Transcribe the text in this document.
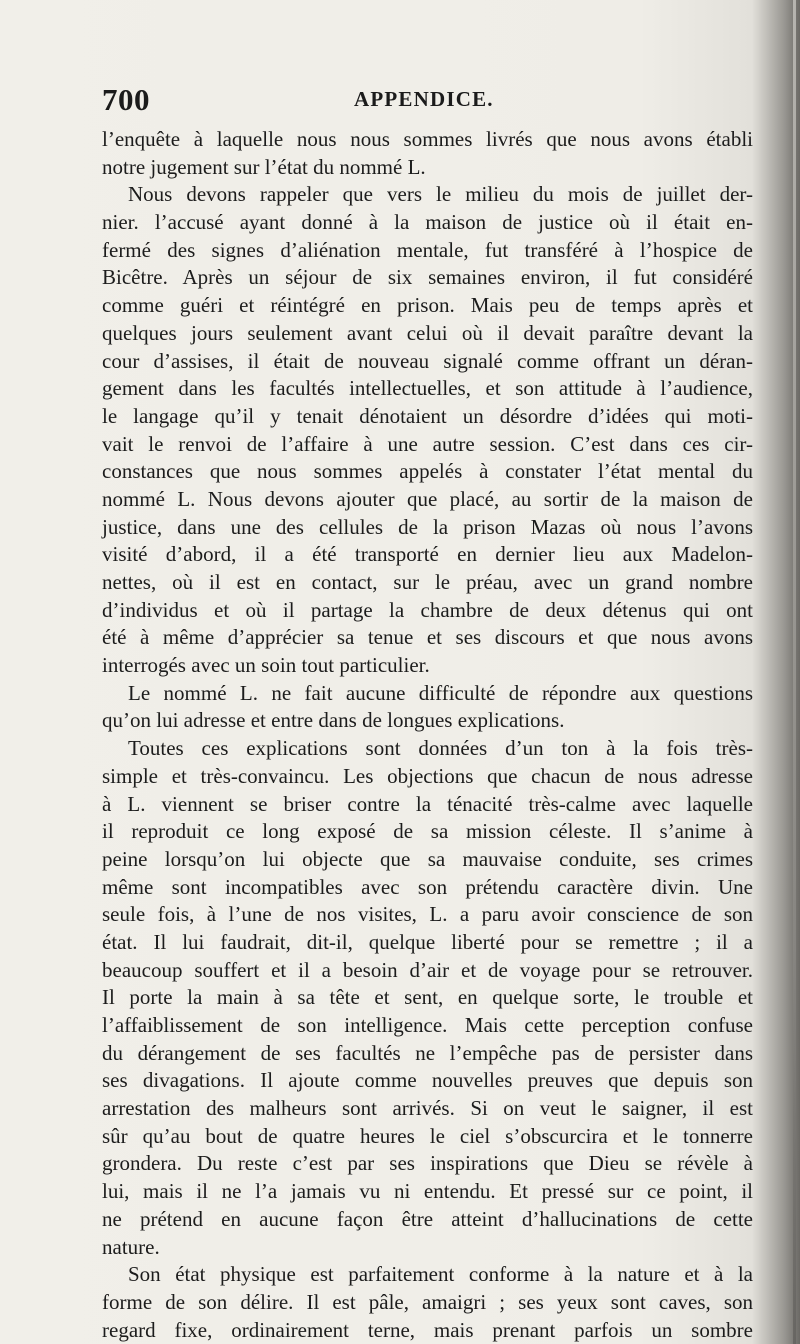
700	APPENDICE.
l’enquête à laquelle nous nous sommes livrés que nous avons établi
notre jugement sur l’état du nommé L.
Nous devons rappeler que vers le milieu du mois de juillet der-
nier. l’accusé ayant donné à la maison de justice où il était en-
fermé des signes d’aliénation mentale, fut transféré à l’hospice de
Bicêtre. Après un séjour de six semaines environ, il fut considéré
comme guéri et réintégré en prison. Mais peu de temps après et
quelques jours seulement avant celui où il devait paraître devant la
cour d’assises, il était de nouveau signalé comme offrant un déran-
gement dans les facultés intellectuelles, et son attitude à l’audience,
le langage qu’il y tenait dénotaient un désordre d’idées qui moti-
vait le renvoi de l’affaire à une autre session. C’est dans ces cir-
constances que nous sommes appelés à constater l’état mental du
nommé L. Nous devons ajouter que placé, au sortir de la maison de
justice, dans une des cellules de la prison Mazas où nous l’avons
visité d’abord, il a été transporté en dernier lieu aux Madelon-
nettes, où il est en contact, sur le préau, avec un grand nombre
d’individus et où il partage la chambre de deux détenus qui ont
été à même d’apprécier sa tenue et ses discours et que nous avons
interrogés avec un soin tout particulier.
Le nommé L. ne fait aucune difficulté de répondre aux questions
qu’on lui adresse et entre dans de longues explications.
Toutes ces explications sont données d’un ton à la fois très-
simple et très-convaincu. Les objections que chacun de nous adresse
à L. viennent se briser contre la ténacité très-calme avec laquelle
il reproduit ce long exposé de sa mission céleste. Il s’anime à
peine lorsqu’on lui objecte que sa mauvaise conduite, ses crimes
même sont incompatibles avec son prétendu caractère divin. Une
seule fois, à l’une de nos visites, L. a paru avoir conscience de son
état. Il lui faudrait, dit-il, quelque liberté pour se remettre ; il a
beaucoup souffert et il a besoin d’air et de voyage pour se retrouver.
Il porte la main à sa tête et sent, en quelque sorte, le trouble et
l’affaiblissement de son intelligence. Mais cette perception confuse
du dérangement de ses facultés ne l’empêche pas de persister dans
ses divagations. Il ajoute comme nouvelles preuves que depuis son
arrestation des malheurs sont arrivés. Si on veut le saigner, il est
sûr qu’au bout de quatre heures le ciel s’obscurcira et le tonnerre
grondera. Du reste c’est par ses inspirations que Dieu se révèle à
lui, mais il ne l’a jamais vu ni entendu. Et pressé sur ce point, il
ne prétend en aucune façon être atteint d’hallucinations de cette
nature.
Son état physique est parfaitement conforme à la nature et à la
forme de son délire. Il est pâle, amaigri ; ses yeux sont caves, son
regard fixe, ordinairement terne, mais prenant parfois un sombre
